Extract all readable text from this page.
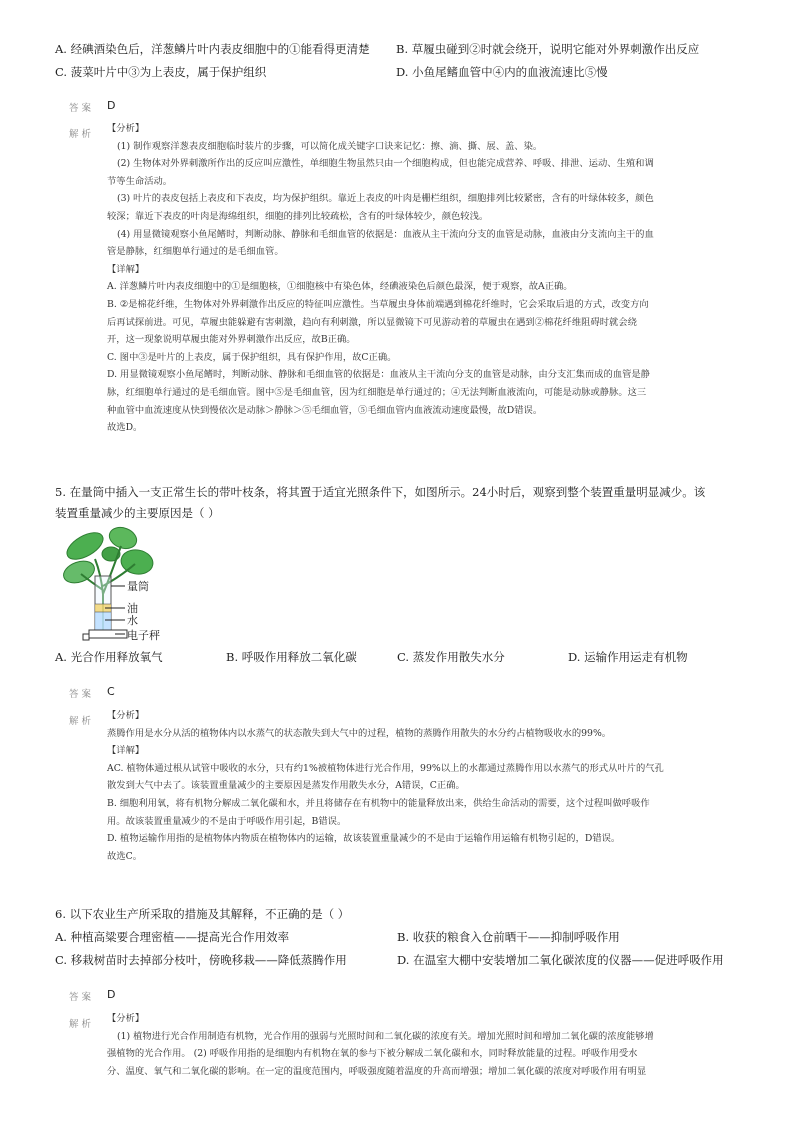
A. 经碘酒染色后，洋葱鳞片叶内表皮细胞中的①能看得更清楚 B. 草履虫碰到②时就会绕开，说明它能对外界刺激作出反应
C. 菠菜叶片中③为上表皮，属于保护组织	D. 小鱼尾鳍血管中④内的血液流速比⑤慢
答案 D
解析

【分析】

(1) 制作观察洋葱表皮细胞临时装片的步骤，可以简化成关键字口诀来记忆：擦、滴、撕、展、盖、染。

(2) 生物体对外界刺激所作出的反应叫应激性，单细胞生物虽然只由一个细胞构成，但也能完成营养、呼吸、排泄、运动、生殖和调

节等生命活动。

(3) 叶片的表皮包括上表皮和下表皮，均为保护组织。靠近上表皮的叶肉是栅栏组织，细胞排列比较紧密，含有的叶绿体较多，颜色

较深；靠近下表皮的叶肉是海绵组织，细胞的排列比较疏松，含有的叶绿体较少，颜色较浅。

(4) 用显微镜观察小鱼尾鳍时，判断动脉、静脉和毛细血管的依据是：血液从主干流向分支的血管是动脉，血液由分支流向主干的血

管是静脉，红细胞单行通过的是毛细血管。

【详解】

A. 洋葱鳞片叶内表皮细胞中的①是细胞核，①细胞核中有染色体，经碘液染色后颜色最深，便于观察，故A正确。

B. ②是棉花纤维，生物体对外界刺激作出反应的特征叫应激性。当草履虫身体前端遇到棉花纤维时，它会采取后退的方式，改变方向

后再试探前进。可见，草履虫能躲避有害刺激，趋向有利刺激，所以显微镜下可见游动着的草履虫在遇到②棉花纤维阻碍时就会绕

开，这一现象说明草履虫能对外界刺激作出反应，故B正确。

C. 图中③是叶片的上表皮，属于保护组织，具有保护作用，故C正确。

D. 用显微镜观察小鱼尾鳍时，判断动脉、静脉和毛细血管的依据是：血液从主干流向分支的血管是动脉，由分支汇集而成的血管是静

脉，红细胞单行通过的是毛细血管。图中⑤是毛细血管，因为红细胞是单行通过的；④无法判断血液流向，可能是动脉或静脉。这三

种血管中血流速度从快到慢依次是动脉＞静脉＞⑤毛细血管，⑤毛细血管内血液流动速度最慢，故D错误。

故选D。

5. 在量筒中插入一支正常生长的带叶枝条，将其置于适宜光照条件下，如图所示。24小时后，观察到整个装置重量明显减少。该
装置重量减少的主要原因是（ ）
量筒
油
水
电子秤
A. 光合作用释放氧气	B. 呼吸作用释放二氧化碳	C. 蒸发作用散失水分	D. 运输作用运走有机物
答案 C
解析

【分析】

蒸腾作用是水分从活的植物体内以水蒸气的状态散失到大气中的过程，植物的蒸腾作用散失的水分约占植物吸收水的99%。

【详解】

AC. 植物体通过根从试管中吸收的水分，只有约1%被植物体进行光合作用，99%以上的水都通过蒸腾作用以水蒸气的形式从叶片的气孔

散发到大气中去了。该装置重量减少的主要原因是蒸发作用散失水分，A错误，C正确。

B. 细胞利用氧，将有机物分解成二氧化碳和水，并且将储存在有机物中的能量释放出来，供给生命活动的需要，这个过程叫做呼吸作

用。故该装置重量减少的不是由于呼吸作用引起，B错误。

D. 植物运输作用指的是植物体内物质在植物体内的运输，故该装置重量减少的不是由于运输作用运输有机物引起的，D错误。

故选C。

6. 以下农业生产所采取的措施及其解释，不正确的是（ ）
A. 种植高粱要合理密植——提高光合作用效率	B. 收获的粮食入仓前晒干——抑制呼吸作用
C. 移栽树苗时去掉部分枝叶，傍晚移栽——降低蒸腾作用	D. 在温室大棚中安装增加二氧化碳浓度的仪器——促进呼吸作用
答案 D
解析

【分析】

(1) 植物进行光合作用制造有机物，光合作用的强弱与光照时间和二氧化碳的浓度有关。增加光照时间和增加二氧化碳的浓度能够增

强植物的光合作用。 (2) 呼吸作用指的是细胞内有机物在氧的参与下被分解成二氧化碳和水，同时释放能量的过程。呼吸作用受水

分、温度、氧气和二氧化碳的影响。在一定的温度范围内，呼吸强度随着温度的升高而增强；增加二氧化碳的浓度对呼吸作用有明显
